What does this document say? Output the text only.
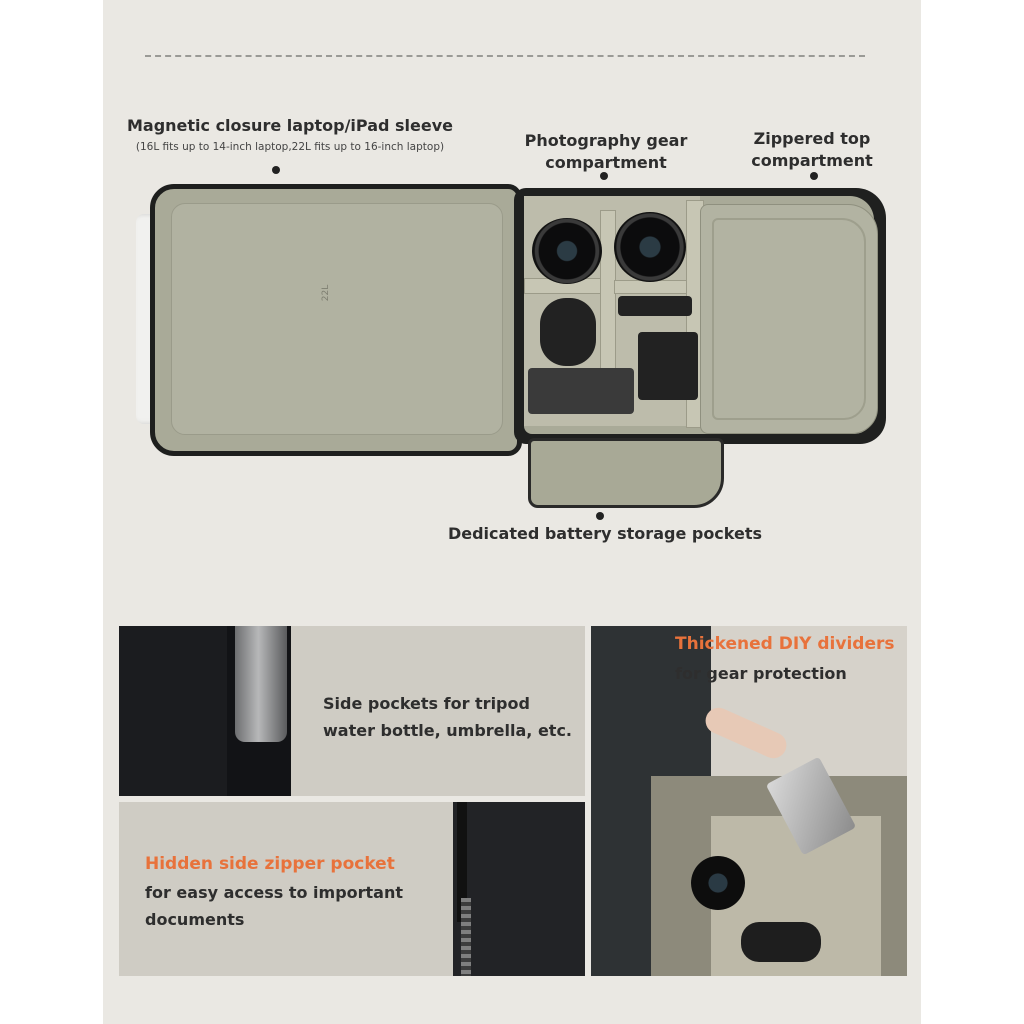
Magnetic closure laptop/iPad sleeve
(16L fits up to 14-inch laptop,22L fits up to 16-inch laptop)	Photography gear
compartment
Zippered top
compartment
22L
Dedicated battery storage pockets
Side pockets for tripod
water bottle, umbrella, etc.
Hidden side zipper pocket
for easy access to important
documents
Thickened DIY dividers
for gear protection
